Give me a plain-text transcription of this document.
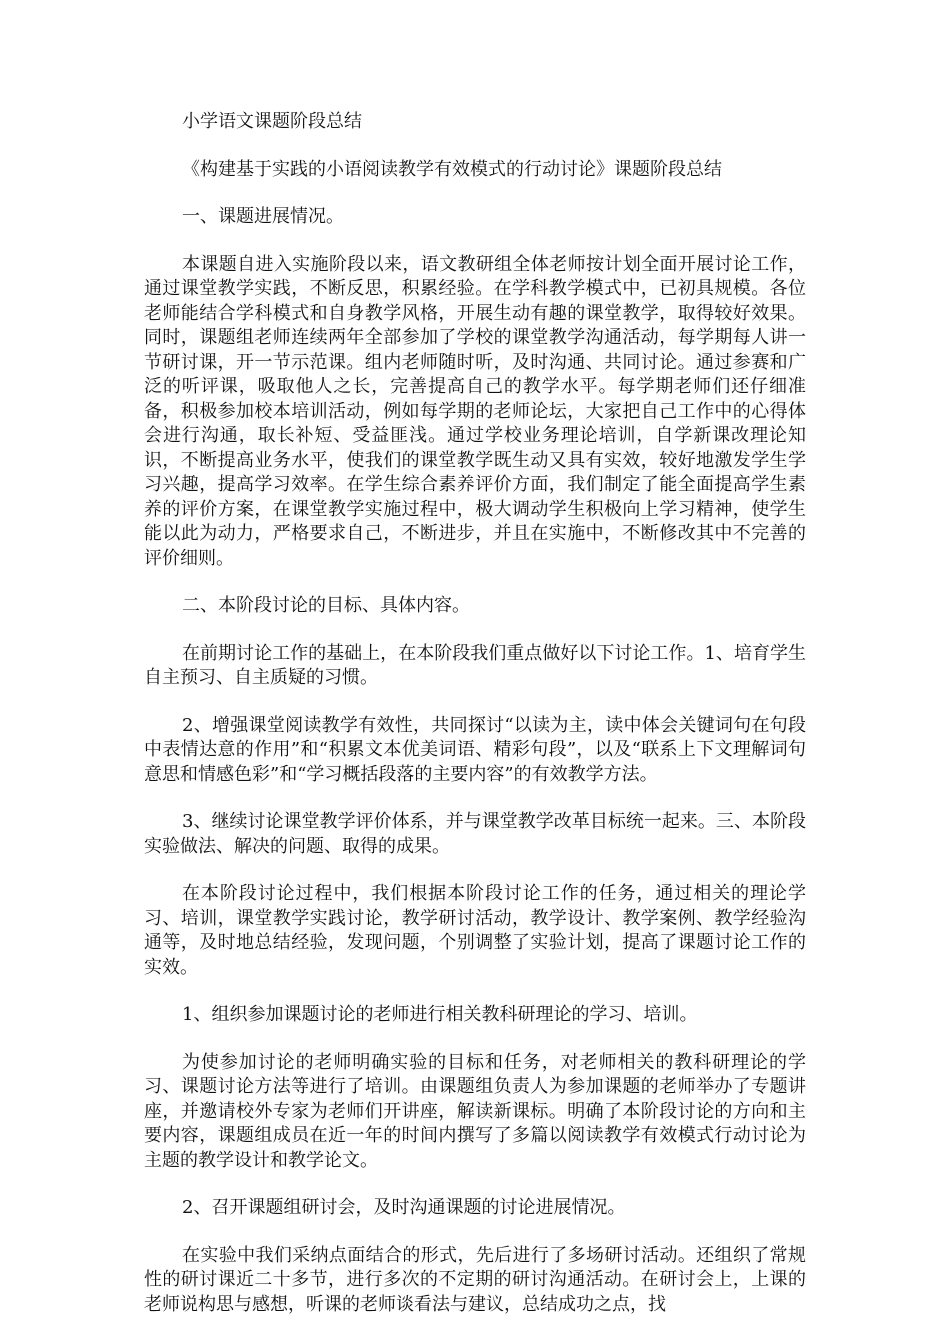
小学语文课题阶段总结

《构建基于实践的小语阅读教学有效模式的行动讨论》课题阶段总结

一、课题进展情况。

本课题自进入实施阶段以来，语文教研组全体老师按计划全面开展讨论工作，通过课堂教学实践，不断反思，积累经验。在学科教学模式中，已初具规模。各位老师能结合学科模式和自身教学风格，开展生动有趣的课堂教学，取得较好效果。同时，课题组老师连续两年全部参加了学校的课堂教学沟通活动，每学期每人讲一节研讨课，开一节示范课。组内老师随时听，及时沟通、共同讨论。通过参赛和广泛的听评课，吸取他人之长，完善提高自己的教学水平。每学期老师们还仔细准备，积极参加校本培训活动，例如每学期的老师论坛，大家把自己工作中的心得体会进行沟通，取长补短、受益匪浅。通过学校业务理论培训，自学新课改理论知识，不断提高业务水平，使我们的课堂教学既生动又具有实效，较好地激发学生学习兴趣，提高学习效率。在学生综合素养评价方面，我们制定了能全面提高学生素养的评价方案，在课堂教学实施过程中，极大调动学生积极向上学习精神，使学生能以此为动力，严格要求自己，不断进步，并且在实施中，不断修改其中不完善的评价细则。

二、本阶段讨论的目标、具体内容。

在前期讨论工作的基础上，在本阶段我们重点做好以下讨论工作。1、培育学生自主预习、自主质疑的习惯。

2、增强课堂阅读教学有效性，共同探讨“以读为主，读中体会关键词句在句段中表情达意的作用”和“积累文本优美词语、精彩句段”，以及“联系上下文理解词句意思和情感色彩”和“学习概括段落的主要内容”的有效教学方法。

3、继续讨论课堂教学评价体系，并与课堂教学改革目标统一起来。三、本阶段实验做法、解决的问题、取得的成果。

在本阶段讨论过程中，我们根据本阶段讨论工作的任务，通过相关的理论学习、培训，课堂教学实践讨论，教学研讨活动，教学设计、教学案例、教学经验沟通等，及时地总结经验，发现问题，个别调整了实验计划，提高了课题讨论工作的实效。

1、组织参加课题讨论的老师进行相关教科研理论的学习、培训。

为使参加讨论的老师明确实验的目标和任务，对老师相关的教科研理论的学习、课题讨论方法等进行了培训。由课题组负责人为参加课题的老师举办了专题讲座，并邀请校外专家为老师们开讲座，解读新课标。明确了本阶段讨论的方向和主要内容，课题组成员在近一年的时间内撰写了多篇以阅读教学有效模式行动讨论为主题的教学设计和教学论文。

2、召开课题组研讨会，及时沟通课题的讨论进展情况。

在实验中我们采纳点面结合的形式，先后进行了多场研讨活动。还组织了常规性的研讨课近二十多节，进行多次的不定期的研讨沟通活动。在研讨会上，上课的老师说构思与感想，听课的老师谈看法与建议，总结成功之点，找
